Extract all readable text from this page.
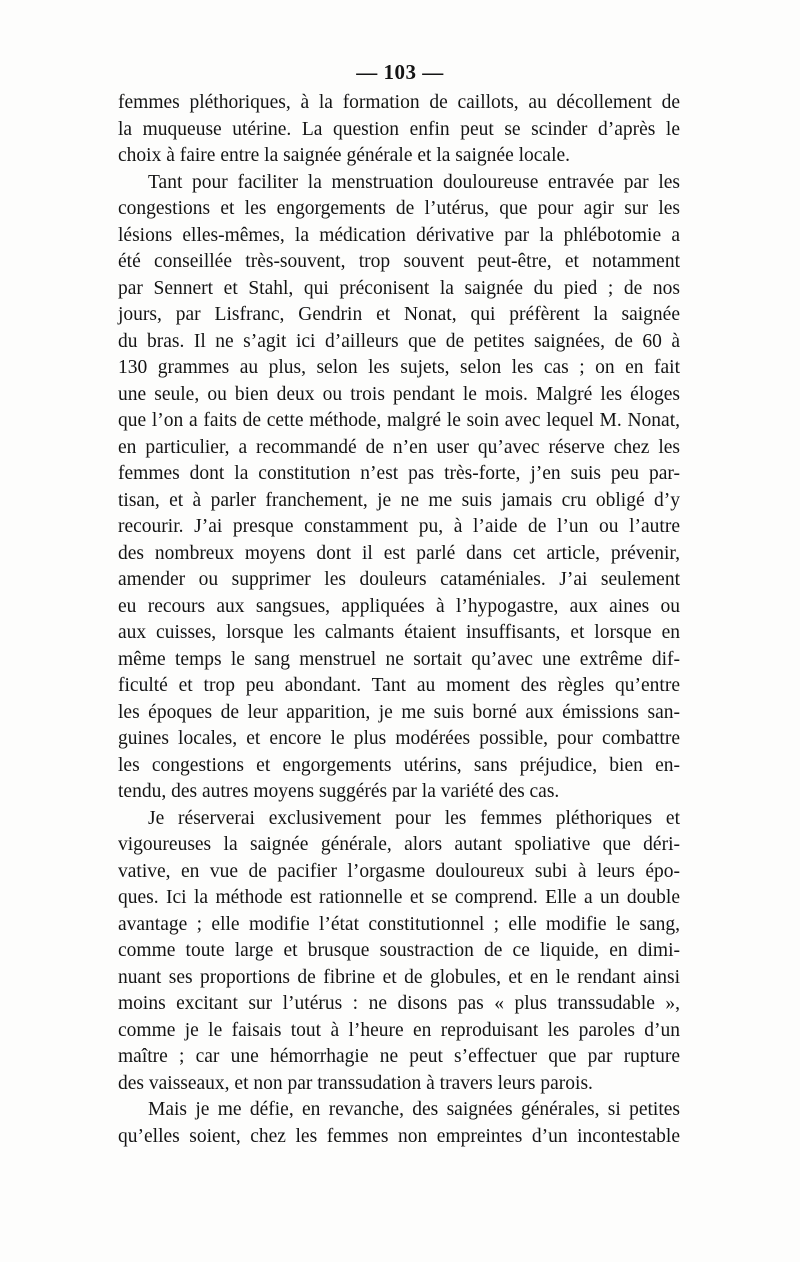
— 103 —
femmes pléthoriques, à la formation de caillots, au décollement de
la muqueuse utérine. La question enfin peut se scinder d’après le
choix à faire entre la saignée générale et la saignée locale.
Tant pour faciliter la menstruation douloureuse entravée par les
congestions et les engorgements de l’utérus, que pour agir sur les
lésions elles-mêmes, la médication dérivative par la phlébotomie a
été conseillée très-souvent, trop souvent peut-être, et notamment
par Sennert et Stahl, qui préconisent la saignée du pied ; de nos
jours, par Lisfranc, Gendrin et Nonat, qui préfèrent la saignée
du bras. Il ne s’agit ici d’ailleurs que de petites saignées, de 60 à
130 grammes au plus, selon les sujets, selon les cas ; on en fait
une seule, ou bien deux ou trois pendant le mois. Malgré les éloges
que l’on a faits de cette méthode, malgré le soin avec lequel M. Nonat,
en particulier, a recommandé de n’en user qu’avec réserve chez les
femmes dont la constitution n’est pas très-forte, j’en suis peu par-
tisan, et à parler franchement, je ne me suis jamais cru obligé d’y
recourir. J’ai presque constamment pu, à l’aide de l’un ou l’autre
des nombreux moyens dont il est parlé dans cet article, prévenir,
amender ou supprimer les douleurs cataméniales. J’ai seulement
eu recours aux sangsues, appliquées à l’hypogastre, aux aines ou
aux cuisses, lorsque les calmants étaient insuffisants, et lorsque en
même temps le sang menstruel ne sortait qu’avec une extrême dif-
ficulté et trop peu abondant. Tant au moment des règles qu’entre
les époques de leur apparition, je me suis borné aux émissions san-
guines locales, et encore le plus modérées possible, pour combattre
les congestions et engorgements utérins, sans préjudice, bien en-
tendu, des autres moyens suggérés par la variété des cas.
Je réserverai exclusivement pour les femmes pléthoriques et
vigoureuses la saignée générale, alors autant spoliative que déri-
vative, en vue de pacifier l’orgasme douloureux subi à leurs épo-
ques. Ici la méthode est rationnelle et se comprend. Elle a un double
avantage ; elle modifie l’état constitutionnel ; elle modifie le sang,
comme toute large et brusque soustraction de ce liquide, en dimi-
nuant ses proportions de fibrine et de globules, et en le rendant ainsi
moins excitant sur l’utérus : ne disons pas « plus transsudable »,
comme je le faisais tout à l’heure en reproduisant les paroles d’un
maître ; car une hémorrhagie ne peut s’effectuer que par rupture
des vaisseaux, et non par transsudation à travers leurs parois.
Mais je me défie, en revanche, des saignées générales, si petites
qu’elles soient, chez les femmes non empreintes d’un incontestable
